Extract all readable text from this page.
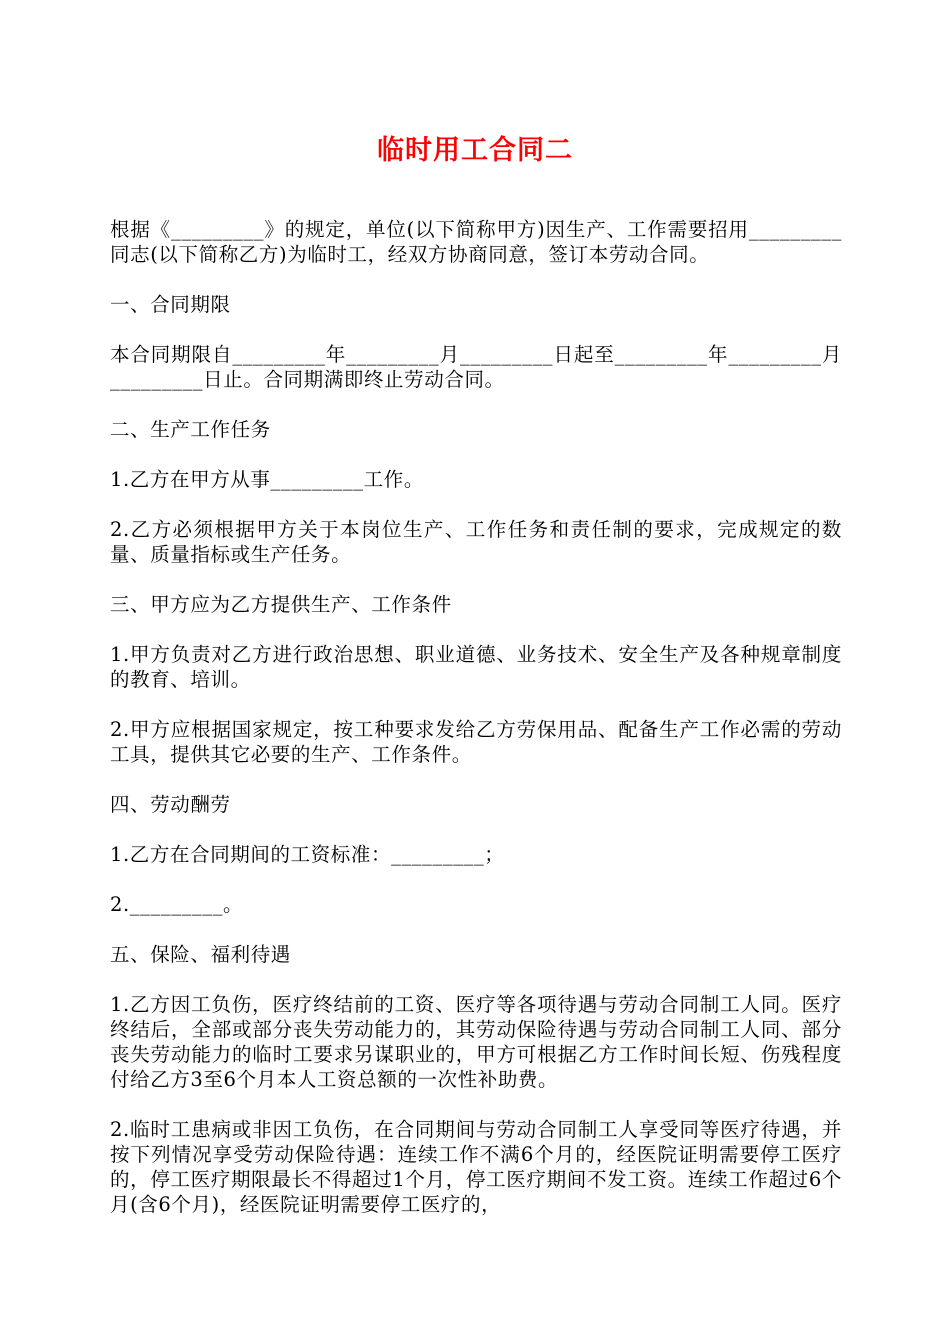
临时用工合同二

根据《_________》的规定，单位(以下简称甲方)因生产、工作需要招用_________同志(以下简称乙方)为临时工，经双方协商同意，签订本劳动合同。

一、合同期限

本合同期限自_________年_________月_________日起至_________年_________月_________日止。合同期满即终止劳动合同。

二、生产工作任务

1.乙方在甲方从事_________工作。

2.乙方必须根据甲方关于本岗位生产、工作任务和责任制的要求，完成规定的数量、质量指标或生产任务。

三、甲方应为乙方提供生产、工作条件

1.甲方负责对乙方进行政治思想、职业道德、业务技术、安全生产及各种规章制度的教育、培训。

2.甲方应根据国家规定，按工种要求发给乙方劳保用品、配备生产工作必需的劳动工具，提供其它必要的生产、工作条件。

四、劳动酬劳

1.乙方在合同期间的工资标准：_________；

2._________。

五、保险、福利待遇

1.乙方因工负伤，医疗终结前的工资、医疗等各项待遇与劳动合同制工人同。医疗终结后，全部或部分丧失劳动能力的，其劳动保险待遇与劳动合同制工人同、部分丧失劳动能力的临时工要求另谋职业的，甲方可根据乙方工作时间长短、伤残程度付给乙方3至6个月本人工资总额的一次性补助费。

2.临时工患病或非因工负伤，在合同期间与劳动合同制工人享受同等医疗待遇，并按下列情况享受劳动保险待遇：连续工作不满6个月的，经医院证明需要停工医疗的，停工医疗期限最长不得超过1个月，停工医疗期间不发工资。连续工作超过6个月(含6个月)，经医院证明需要停工医疗的，
